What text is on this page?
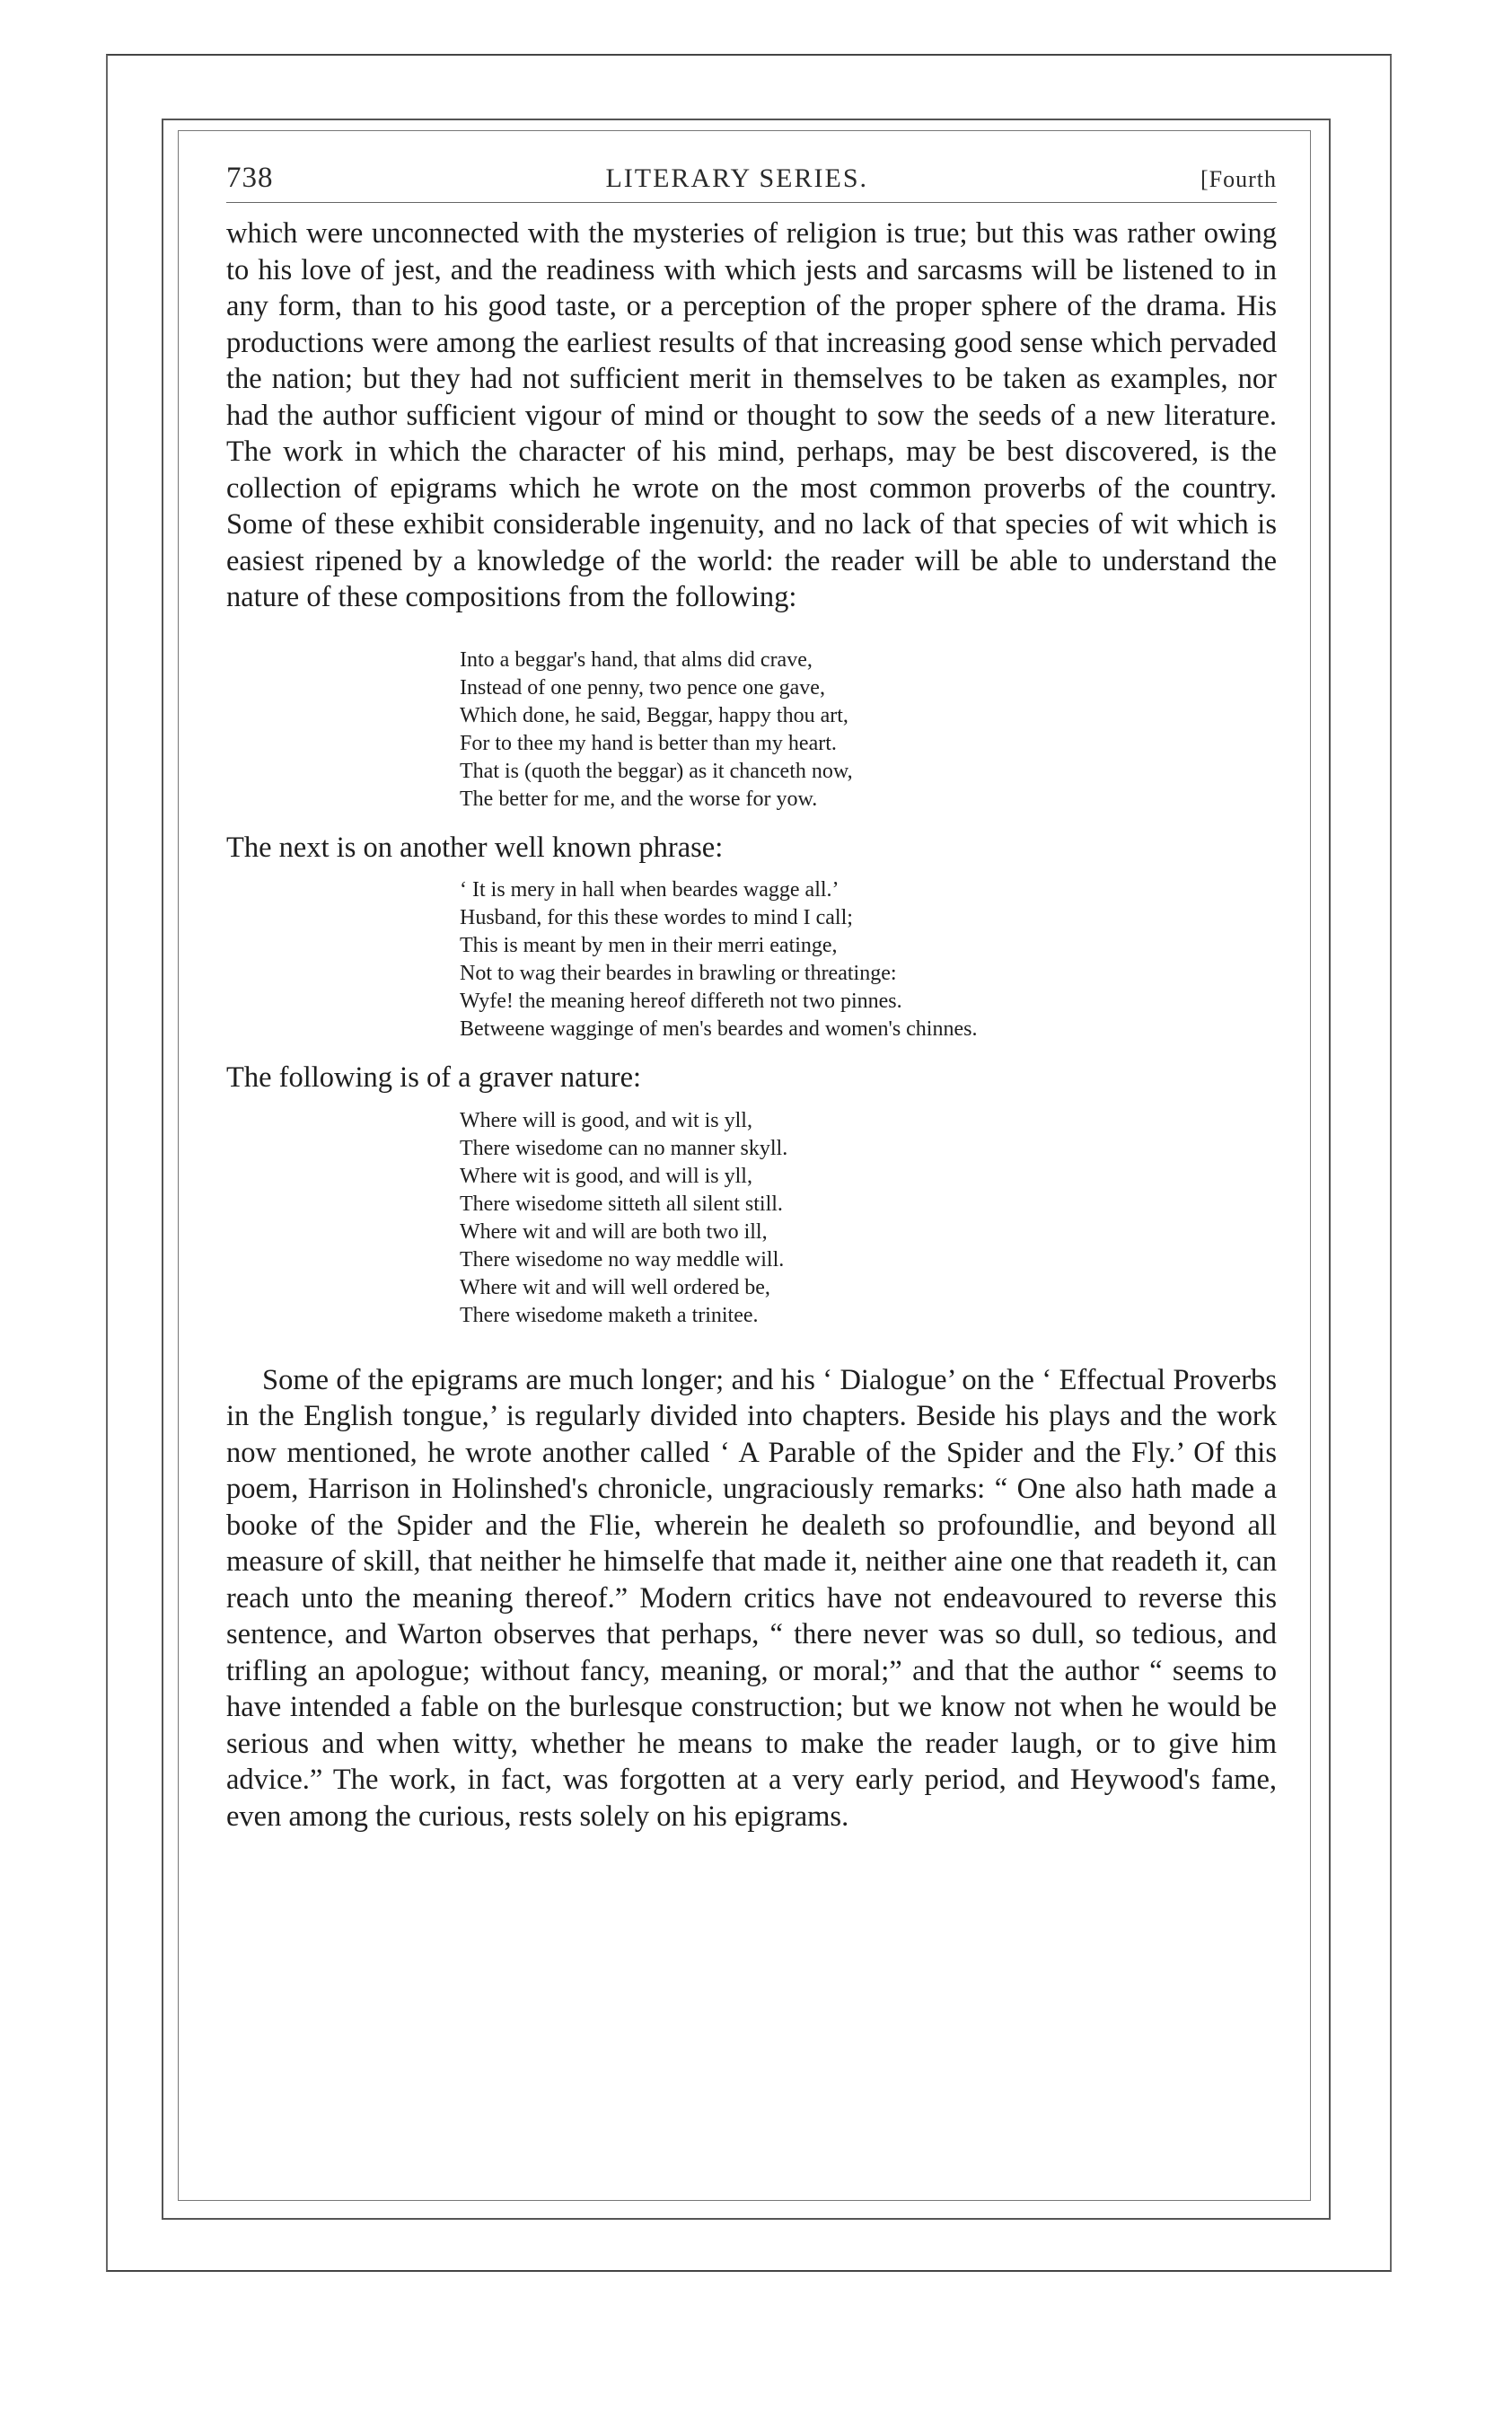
738	LITERARY SERIES.	[Fourth

which were unconnected with the mysteries of religion is true; but this was rather owing to his love of jest, and the readiness with which jests and sarcasms will be listened to in any form, than to his good taste, or a perception of the proper sphere of the drama. His productions were among the earliest results of that increasing good sense which pervaded the nation; but they had not sufficient merit in themselves to be taken as examples, nor had the author sufficient vigour of mind or thought to sow the seeds of a new literature. The work in which the character of his mind, perhaps, may be best discovered, is the collection of epigrams which he wrote on the most common proverbs of the country. Some of these exhibit considerable ingenuity, and no lack of that species of wit which is easiest ripened by a knowledge of the world: the reader will be able to understand the nature of these compositions from the following:

Into a beggar's hand, that alms did crave,
Instead of one penny, two pence one gave,
Which done, he said, Beggar, happy thou art,
For to thee my hand is better than my heart.
That is (quoth the beggar) as it chanceth now,
The better for me, and the worse for yow.

The next is on another well known phrase:

‘ It is mery in hall when beardes wagge all.’
Husband, for this these wordes to mind I call;
This is meant by men in their merri eatinge,
Not to wag their beardes in brawling or threatinge:
Wyfe! the meaning hereof differeth not two pinnes.
Betweene wagginge of men's beardes and women's chinnes.

The following is of a graver nature:

Where will is good, and wit is yll,
There wisedome can no manner skyll.
Where wit is good, and will is yll,
There wisedome sitteth all silent still.
Where wit and will are both two ill,
There wisedome no way meddle will.
Where wit and will well ordered be,
There wisedome maketh a trinitee.

Some of the epigrams are much longer; and his ‘ Dialogue’ on the ‘ Effectual Proverbs in the English tongue,’ is regularly divided into chapters. Beside his plays and the work now mentioned, he wrote another called ‘ A Parable of the Spider and the Fly.’ Of this poem, Harrison in Holinshed's chronicle, ungraciously remarks: “ One also hath made a booke of the Spider and the Flie, wherein he dealeth so profoundlie, and beyond all measure of skill, that neither he himselfe that made it, neither aine one that readeth it, can reach unto the meaning thereof.” Modern critics have not endeavoured to reverse this sentence, and Warton observes that perhaps, “ there never was so dull, so tedious, and trifling an apologue; without fancy, meaning, or moral;” and that the author “ seems to have intended a fable on the burlesque construction; but we know not when he would be serious and when witty, whether he means to make the reader laugh, or to give him advice.” The work, in fact, was forgotten at a very early period, and Heywood's fame, even among the curious, rests solely on his epigrams.
